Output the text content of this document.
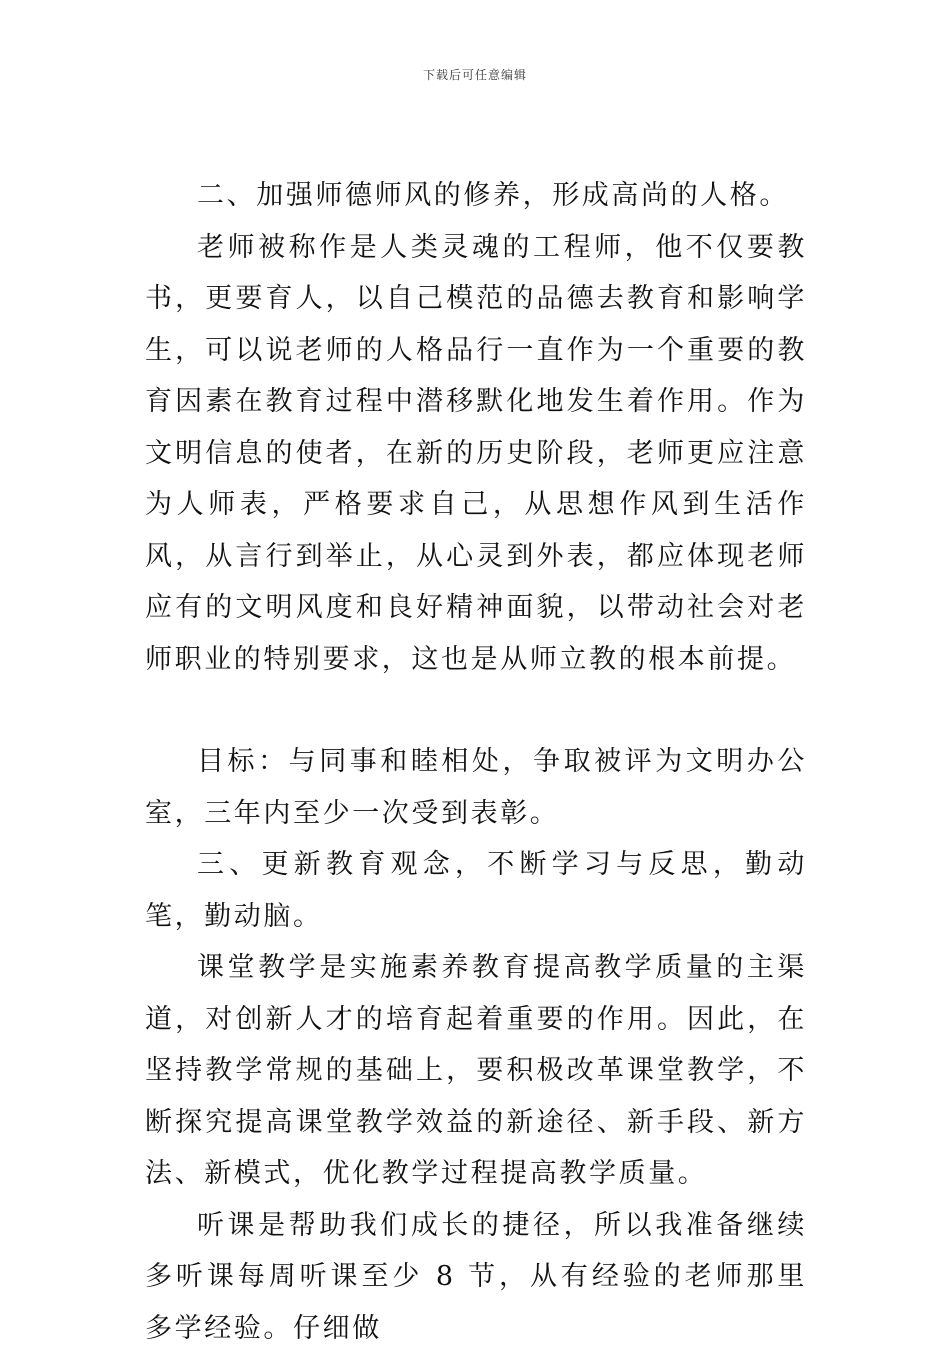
下载后可任意编辑

二、加强师德师风的修养，形成高尚的人格。

老师被称作是人类灵魂的工程师，他不仅要教书，更要育人，以自己模范的品德去教育和影响学生，可以说老师的人格品行一直作为一个重要的教育因素在教育过程中潜移默化地发生着作用。作为文明信息的使者，在新的历史阶段，老师更应注意为人师表，严格要求自己，从思想作风到生活作风，从言行到举止，从心灵到外表，都应体现老师应有的文明风度和良好精神面貌，以带动社会对老师职业的特别要求，这也是从师立教的根本前提。

目标：与同事和睦相处，争取被评为文明办公室，三年内至少一次受到表彰。

三、更新教育观念，不断学习与反思，勤动笔，勤动脑。

课堂教学是实施素养教育提高教学质量的主渠道，对创新人才的培育起着重要的作用。因此，在坚持教学常规的基础上，要积极改革课堂教学，不断探究提高课堂教学效益的新途径、新手段、新方法、新模式，优化教学过程提高教学质量。

听课是帮助我们成长的捷径，所以我准备继续多听课每周听课至少 8 节，从有经验的老师那里多学经验。仔细做
